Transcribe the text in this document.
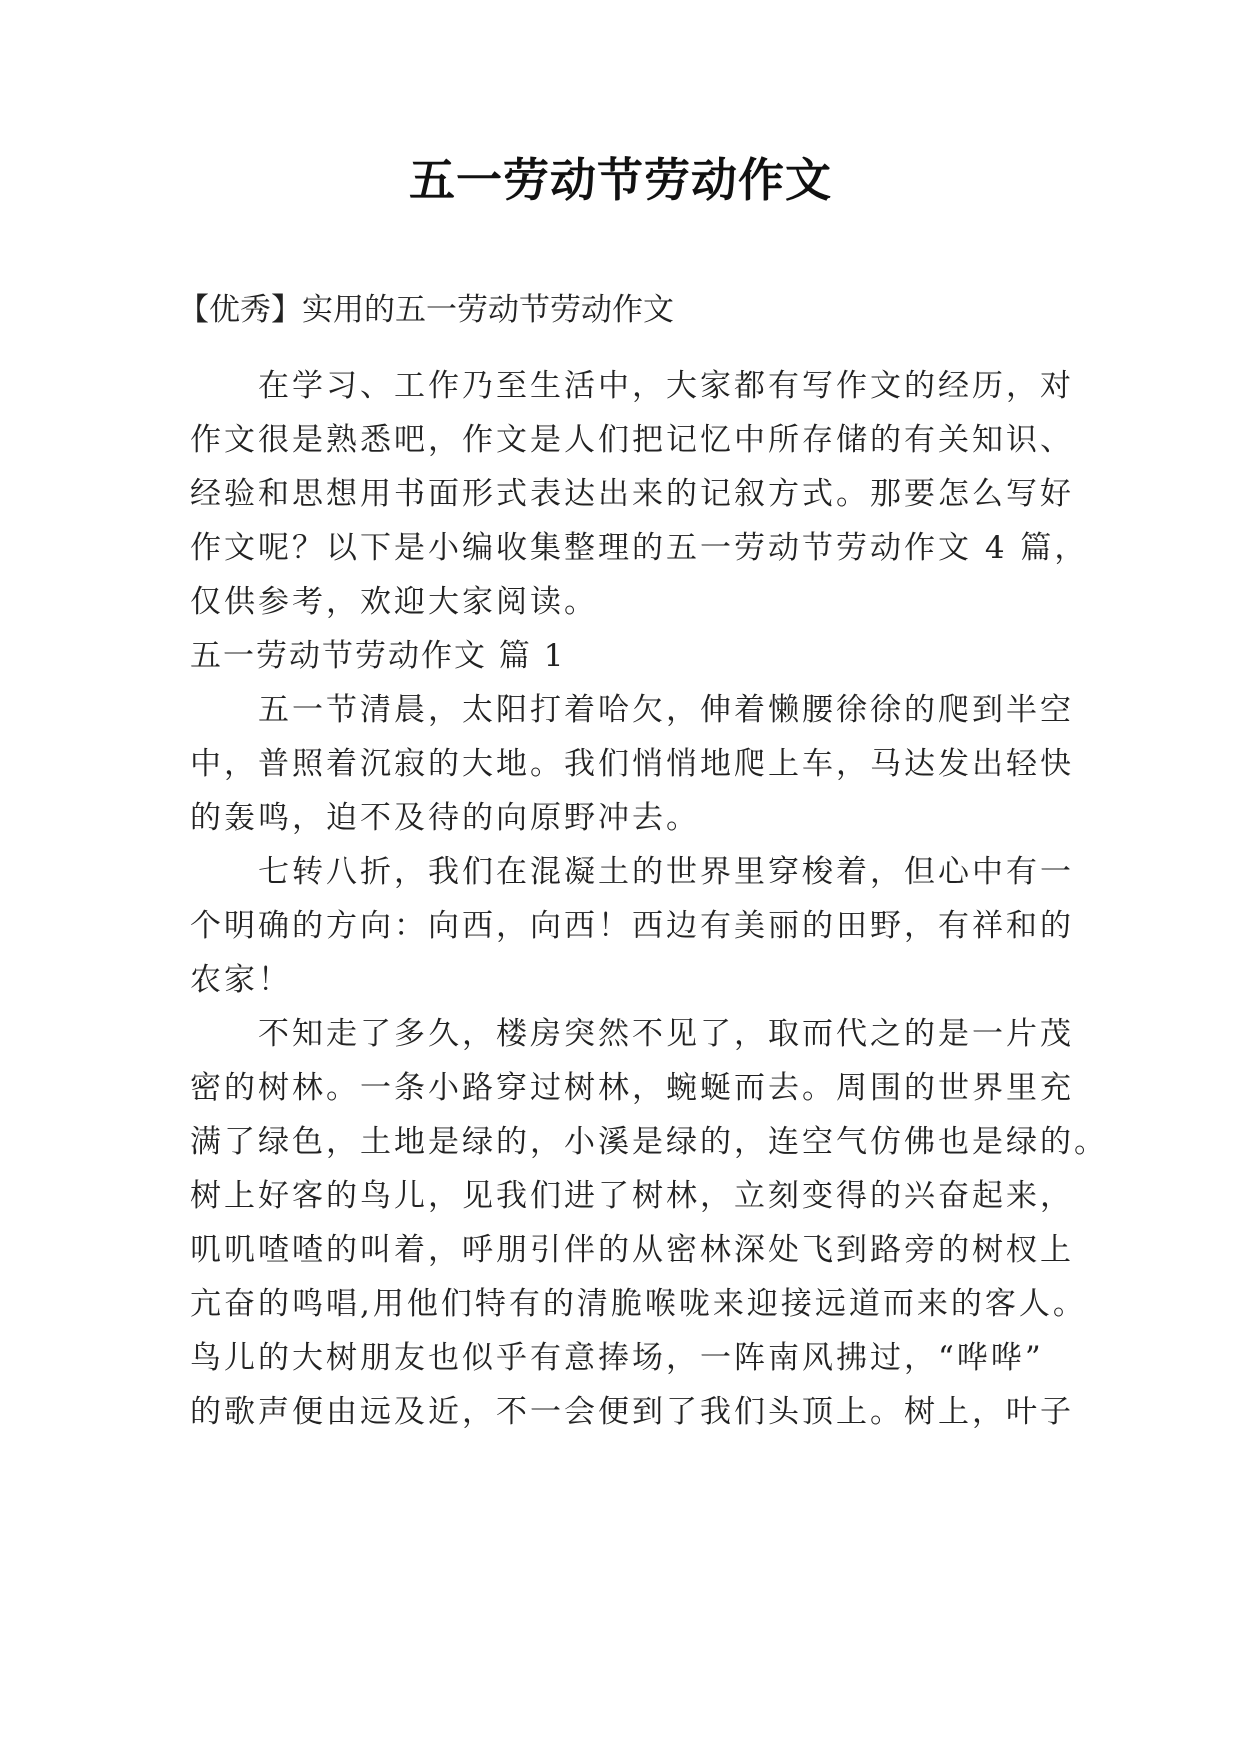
五一劳动节劳动作文
【优秀】实用的五一劳动节劳动作文
在学习、工作乃至生活中，大家都有写作文的经历，对
作文很是熟悉吧，作文是人们把记忆中所存储的有关知识、
经验和思想用书面形式表达出来的记叙方式。那要怎么写好
作文呢？以下是小编收集整理的五一劳动节劳动作文 4 篇，
仅供参考，欢迎大家阅读。
五一劳动节劳动作文 篇 1
五一节清晨，太阳打着哈欠，伸着懒腰徐徐的爬到半空
中，普照着沉寂的大地。我们悄悄地爬上车，马达发出轻快
的轰鸣，迫不及待的向原野冲去。
七转八折，我们在混凝土的世界里穿梭着，但心中有一
个明确的方向：向西，向西！西边有美丽的田野，有祥和的
农家！
不知走了多久，楼房突然不见了，取而代之的是一片茂
密的树林。一条小路穿过树林，蜿蜒而去。周围的世界里充
满了绿色，土地是绿的，小溪是绿的，连空气仿佛也是绿的。
树上好客的鸟儿，见我们进了树林，立刻变得的兴奋起来，
叽叽喳喳的叫着，呼朋引伴的从密林深处飞到路旁的树杈上
亢奋的鸣唱,用他们特有的清脆喉咙来迎接远道而来的客人。
鸟儿的大树朋友也似乎有意捧场，一阵南风拂过，“哗哗”
的歌声便由远及近，不一会便到了我们头顶上。树上，叶子
